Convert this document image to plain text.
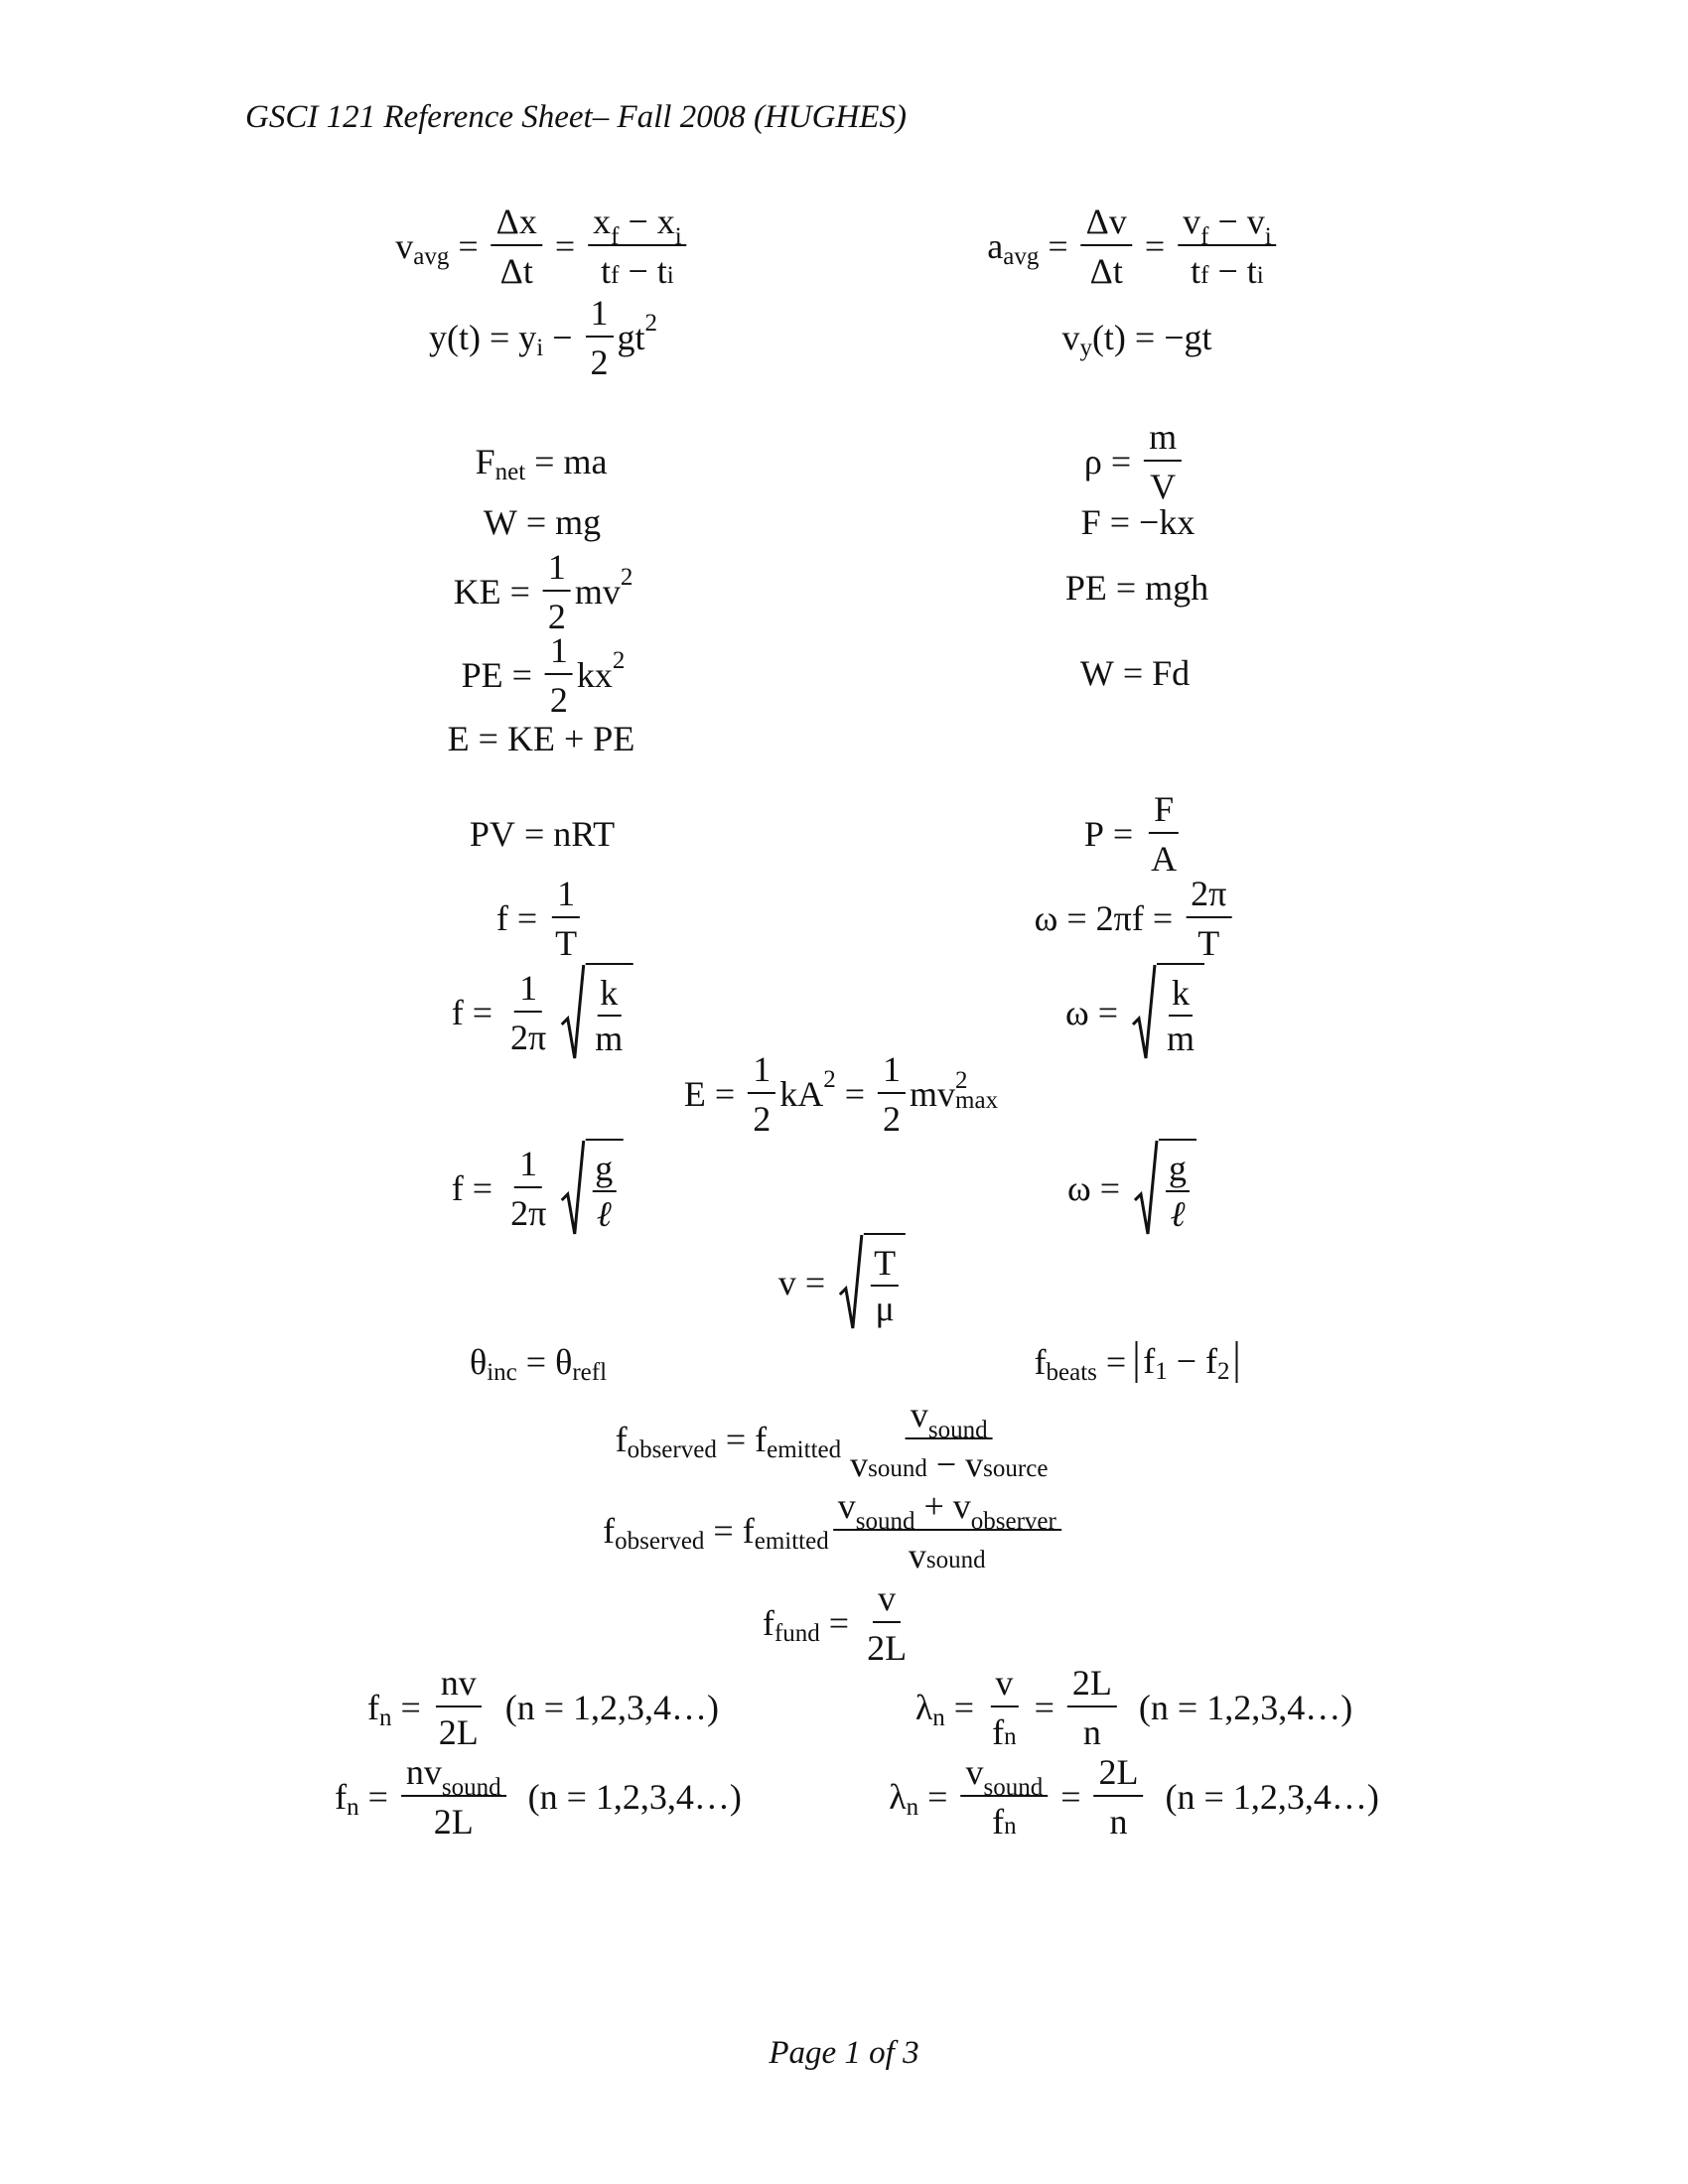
GSCI 121 Reference Sheet– Fall 2008 (HUGHES)
v avg = $\frac{\Delta x}{\Delta t} = \frac{\text{x f − x i}}{\text{t f − t i}}$	a avg = $\frac{\Delta v}{\Delta t} = \frac{\text{v f − v i}}{\text{t f − t i}}$
y(t) = y $i - \frac{1}{2}$ gt 2	v y (t) = −gt
F net = ma	$\rho = \frac{m}{V}$
W = mg	F = −kx
KE = $\frac{1}{2}$ mv 2	PE = mgh
PE = $\frac{1}{2}$ kx 2	W = Fd
E = KE + PE
PV = nRT	$P = \frac{F}{A}$
$f = \frac{1}{T}$	$\omega = 2\pi f = \frac{2\pi}{T}$
$f = \frac{1}{2\pi} \frac{k}{m}$	$\omega = \frac{k}{m}$
$E = \frac{1}{2}$ kA $2 = \frac{1}{2}$ mv 2
max
$f = \frac{1}{2\pi} \frac{g}{\text{ℓ}}$	$\omega = \frac{g}{\text{ℓ}}$
$v = \frac{T}{\mu}$
θ inc = θ refl	f beats = f 1 − f 2
f observed = f emitted $\frac{\text{v sound}}{\text{v sound − v source}}$
f observed = f emitted $\frac{\text{v sound + v observer}}{\text{v sound}}$
f fund = $\frac{v}{2L}$
f $n = \frac{nv}{2L} (n$ = 1,2,3,4…)	λ $n = \frac{v}{\text{f n}} = \frac{2L}{n} (n$ = 1,2,3,4…)
f $n = \frac{\text{nv sound}}{2L} (n$ = 1,2,3,4…)	λ $n = \frac{\text{v sound}}{\text{f n}} = \frac{2L}{n} (n$ = 1,2,3,4…)
Page 1 of 3
